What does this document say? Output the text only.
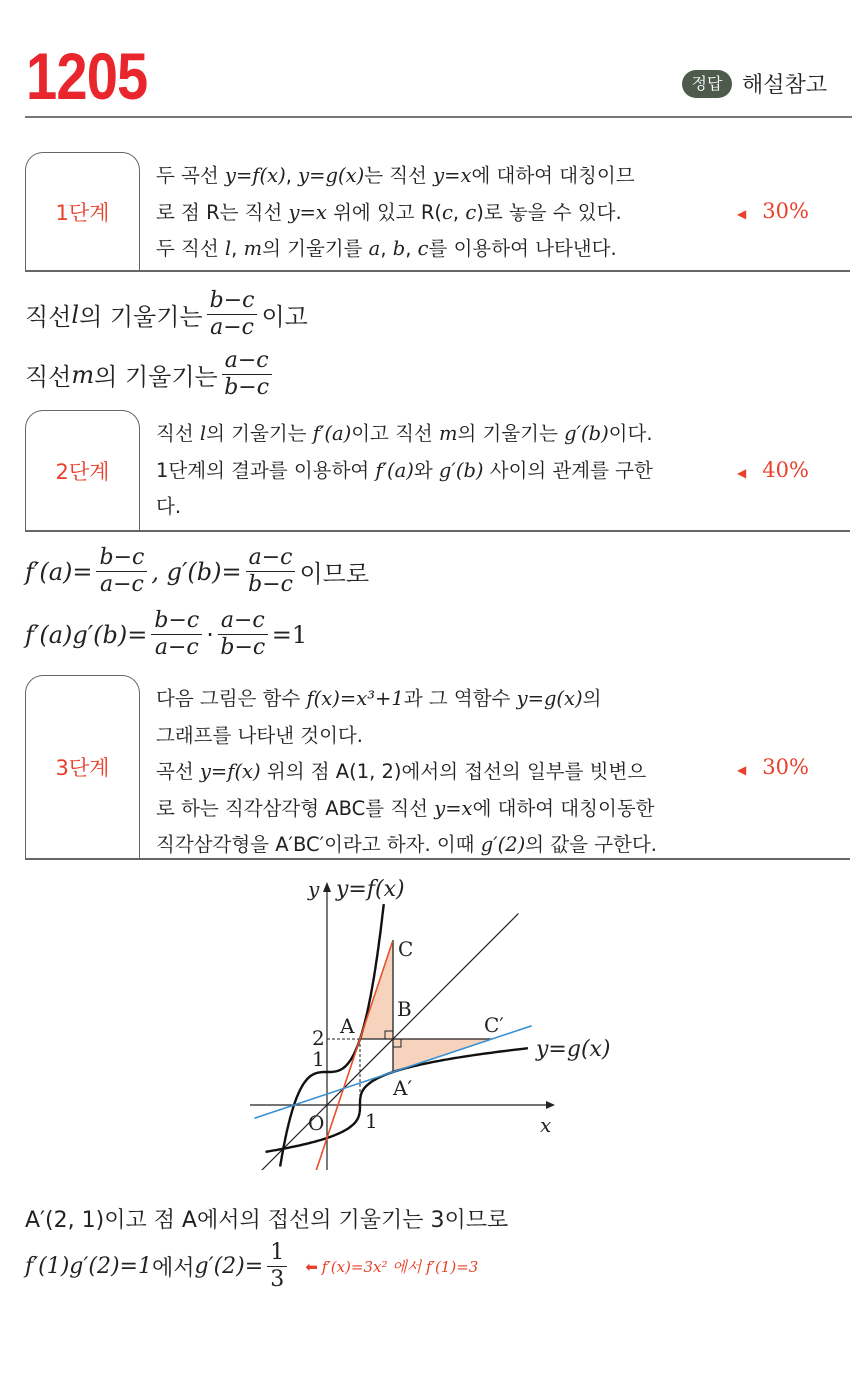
1205	정답 해설참고
1단계
두 곡선 y=f(x), y=g(x)는 직선 y=x에 대하여 대칭이므
로 점 R는 직선 y=x 위에 있고 R(c, c)로 놓을 수 있다.
두 직선 l, m의 기울기를 a, b, c를 이용하여 나타낸다.
◀ 30%
직선 l 의 기울기는 $\frac{b-c}{a-c}$ 이고
직선 m 의 기울기는 $\frac{a-c}{b-c}$
2단계
직선 l의 기울기는 f′(a)이고 직선 m의 기울기는 g′(b)이다.
1단계의 결과를 이용하여 f′(a)와 g′(b) 사이의 관계를 구한
다.
◀ 40%
$f'(a)= \frac{b-c}{a-c}$ , $g'(b)= \frac{a-c}{b-c}$ 이므로
$f'(a)g'(b)= \frac{b-c}{a-c} \cdot \frac{a-c}{b-c} =1$
3단계
다음 그림은 함수 f(x)=x³+1과 그 역함수 y=g(x)의
그래프를 나타낸 것이다.
곡선 y=f(x) 위의 점 A(1, 2)에서의 접선의 일부를 빗변으
로 하는 직각삼각형 ABC를 직선 y=x에 대하여 대칭이동한
직각삼각형을 A′BC′이라고 하자. 이때 g′(2)의 값을 구한다.
◀ 30%
y y=f(x)
x
y=g(x)
O 1
1
2 A
B
C
A′
C′
A′(2, 1)이고 점 A에서의 접선의 기울기는 3이므로
f′(1)g′(2)=1 에서 $g'(2)= \frac{1}{3}$ ⬅ f′(x)=3x² 에서 f′(1)=3
